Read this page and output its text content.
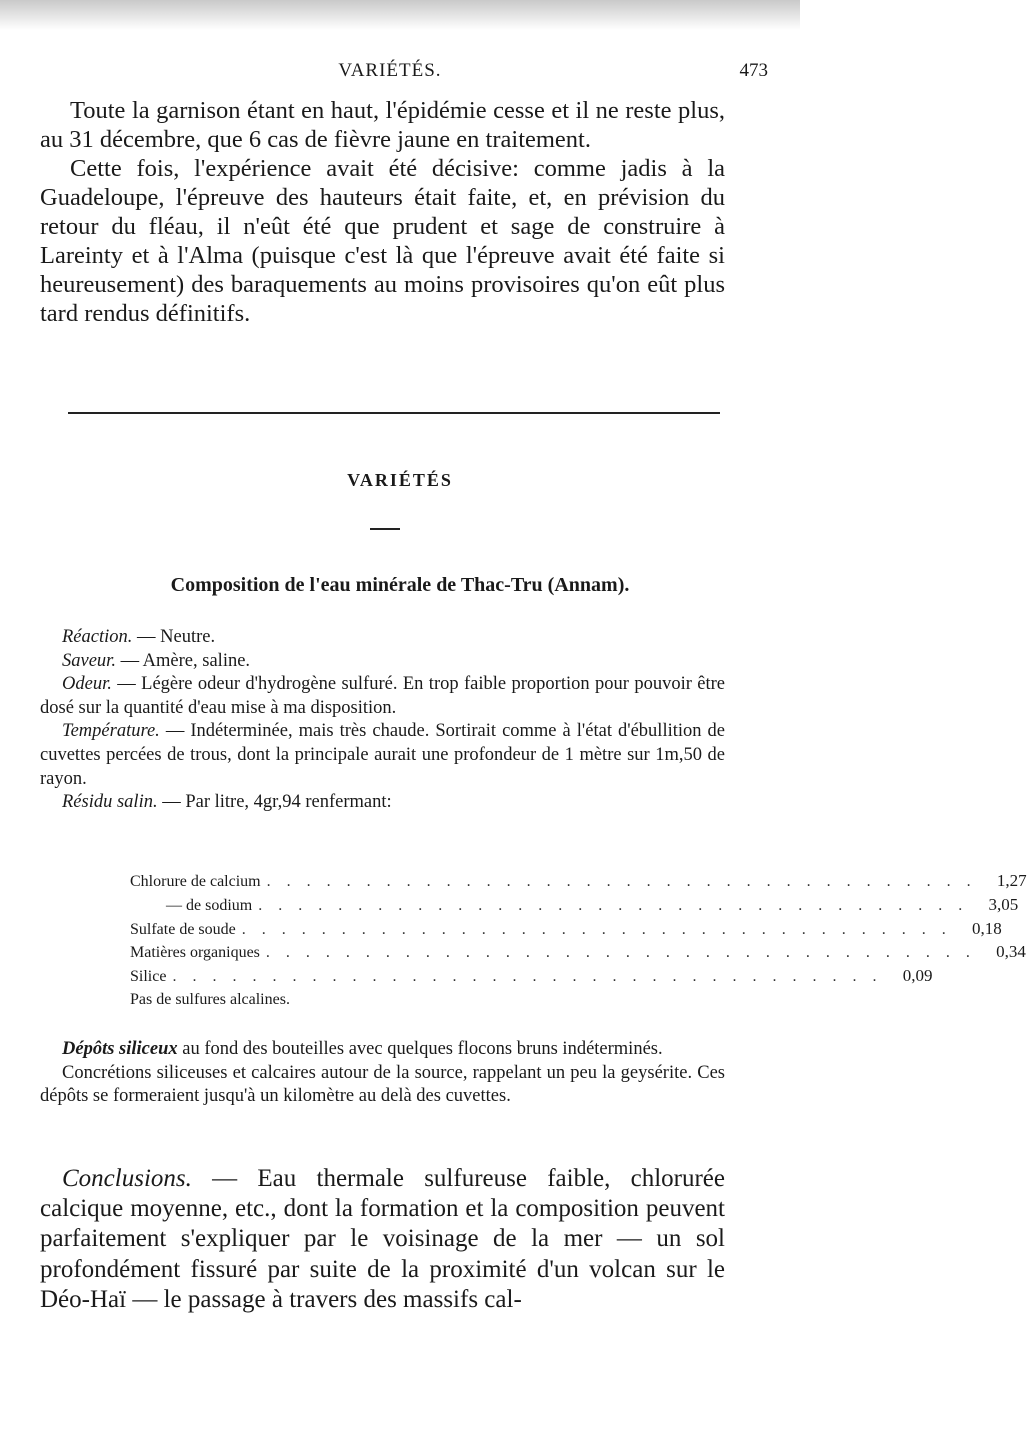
VARIÉTÉS.	473

Toute la garnison étant en haut, l'épidémie cesse et il ne reste plus, au 31 décembre, que 6 cas de fièvre jaune en traitement.

Cette fois, l'expérience avait été décisive: comme jadis à la Guadeloupe, l'épreuve des hauteurs était faite, et, en prévision du retour du fléau, il n'eût été que prudent et sage de construire à Lareinty et à l'Alma (puisque c'est là que l'épreuve avait été faite si heureusement) des baraquements au moins provisoires qu'on eût plus tard rendus définitifs.

VARIÉTÉS
Composition de l'eau minérale de Thac-Tru (Annam).

Réaction. — Neutre.

Saveur. — Amère, saline.

Odeur. — Légère odeur d'hydrogène sulfuré. En trop faible proportion pour pouvoir être dosé sur la quantité d'eau mise à ma disposition.

Température. — Indéterminée, mais très chaude. Sortirait comme à l'état d'ébullition de cuvettes percées de trous, dont la principale aurait une profondeur de 1 mètre sur 1m,50 de rayon.

Résidu salin. — Par litre, 4gr,94 renfermant:

Chlorure de calcium . . . . . . . . . . . . . . . . . . . . . . . . . . . . . . . . . . . .	1,27
— de sodium . . . . . . . . . . . . . . . . . . . . . . . . . . . . . . . . . . . .	3,05
Sulfate de soude . . . . . . . . . . . . . . . . . . . . . . . . . . . . . . . . . . . .	0,18
Matières organiques . . . . . . . . . . . . . . . . . . . . . . . . . . . . . . . . . . . .	0,34
Silice . . . . . . . . . . . . . . . . . . . . . . . . . . . . . . . . . . . .	0,09
Pas de sulfures alcalines.

Dépôts siliceux au fond des bouteilles avec quelques flocons bruns indéterminés.

Concrétions siliceuses et calcaires autour de la source, rappelant un peu la geysérite. Ces dépôts se formeraient jusqu'à un kilomètre au delà des cuvettes.

Conclusions. — Eau thermale sulfureuse faible, chlorurée calcique moyenne, etc., dont la formation et la composition peuvent parfaitement s'expliquer par le voisinage de la mer — un sol profondément fissuré par suite de la proximité d'un volcan sur le Déo-Haï — le passage à travers des massifs cal-
